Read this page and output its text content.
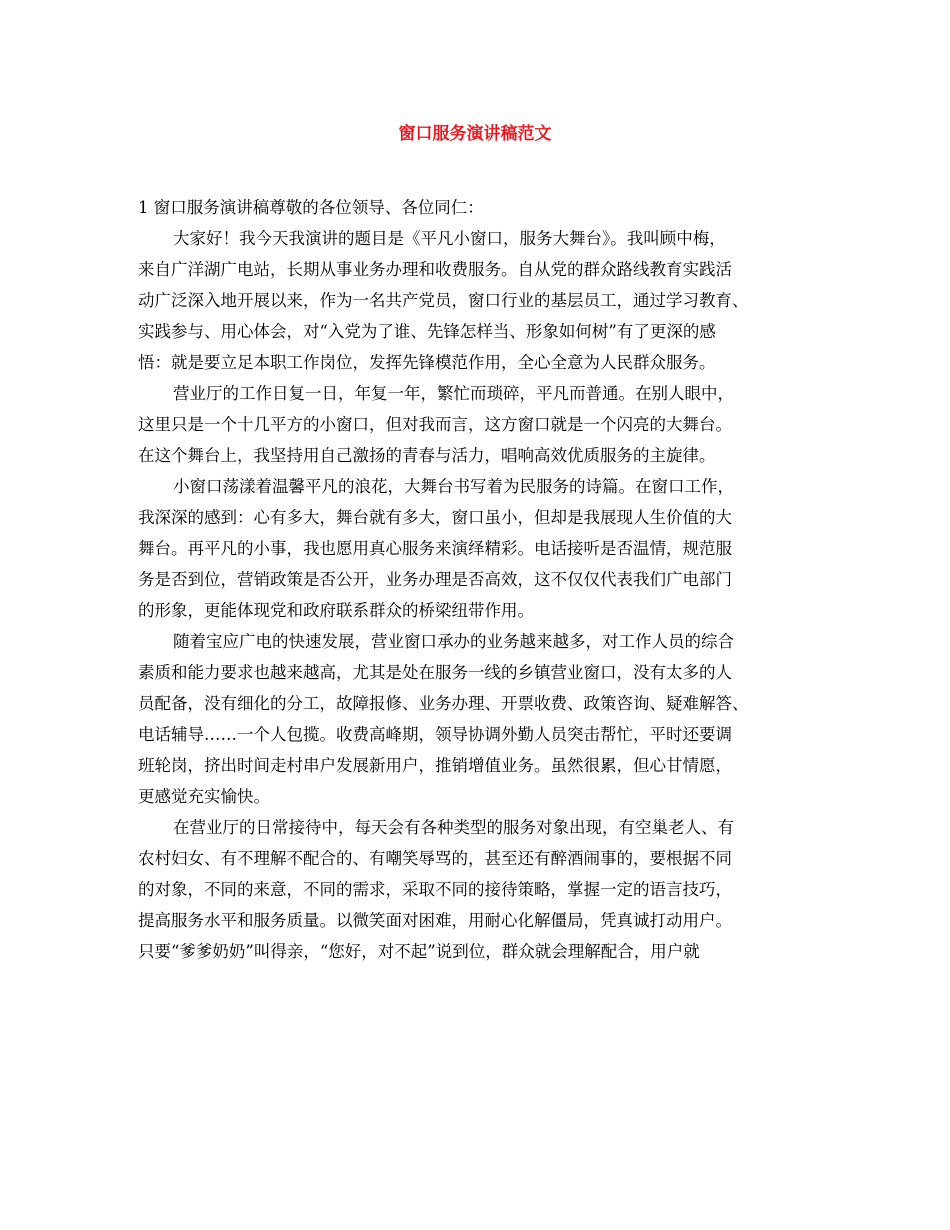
窗口服务演讲稿范文

1 窗口服务演讲稿尊敬的各位领导、各位同仁：

大家好！我今天我演讲的题目是《平凡小窗口，服务大舞台》。我叫顾中梅，
来自广洋湖广电站，长期从事业务办理和收费服务。自从党的群众路线教育实践活
动广泛深入地开展以来，作为一名共产党员，窗口行业的基层员工，通过学习教育、
实践参与、用心体会，对“入党为了谁、先锋怎样当、形象如何树”有了更深的感
悟：就是要立足本职工作岗位，发挥先锋模范作用，全心全意为人民群众服务。

营业厅的工作日复一日，年复一年，繁忙而琐碎，平凡而普通。在别人眼中，
这里只是一个十几平方的小窗口，但对我而言，这方窗口就是一个闪亮的大舞台。
在这个舞台上，我坚持用自己激扬的青春与活力，唱响高效优质服务的主旋律。

小窗口荡漾着温馨平凡的浪花，大舞台书写着为民服务的诗篇。在窗口工作，
我深深的感到：心有多大，舞台就有多大，窗口虽小，但却是我展现人生价值的大
舞台。再平凡的小事，我也愿用真心服务来演绎精彩。电话接听是否温情，规范服
务是否到位，营销政策是否公开，业务办理是否高效，这不仅仅代表我们广电部门
的形象，更能体现党和政府联系群众的桥梁纽带作用。

随着宝应广电的快速发展，营业窗口承办的业务越来越多，对工作人员的综合
素质和能力要求也越来越高，尤其是处在服务一线的乡镇营业窗口，没有太多的人
员配备，没有细化的分工，故障报修、业务办理、开票收费、政策咨询、疑难解答、
电话辅导……一个人包揽。收费高峰期，领导协调外勤人员突击帮忙，平时还要调
班轮岗，挤出时间走村串户发展新用户，推销增值业务。虽然很累，但心甘情愿，
更感觉充实愉快。

在营业厅的日常接待中，每天会有各种类型的服务对象出现，有空巢老人、有
农村妇女、有不理解不配合的、有嘲笑辱骂的，甚至还有醉酒闹事的，要根据不同
的对象，不同的来意，不同的需求，采取不同的接待策略，掌握一定的语言技巧，
提高服务水平和服务质量。以微笑面对困难，用耐心化解僵局，凭真诚打动用户。
只要“爹爹奶奶”叫得亲，“您好，对不起”说到位，群众就会理解配合，用户就
